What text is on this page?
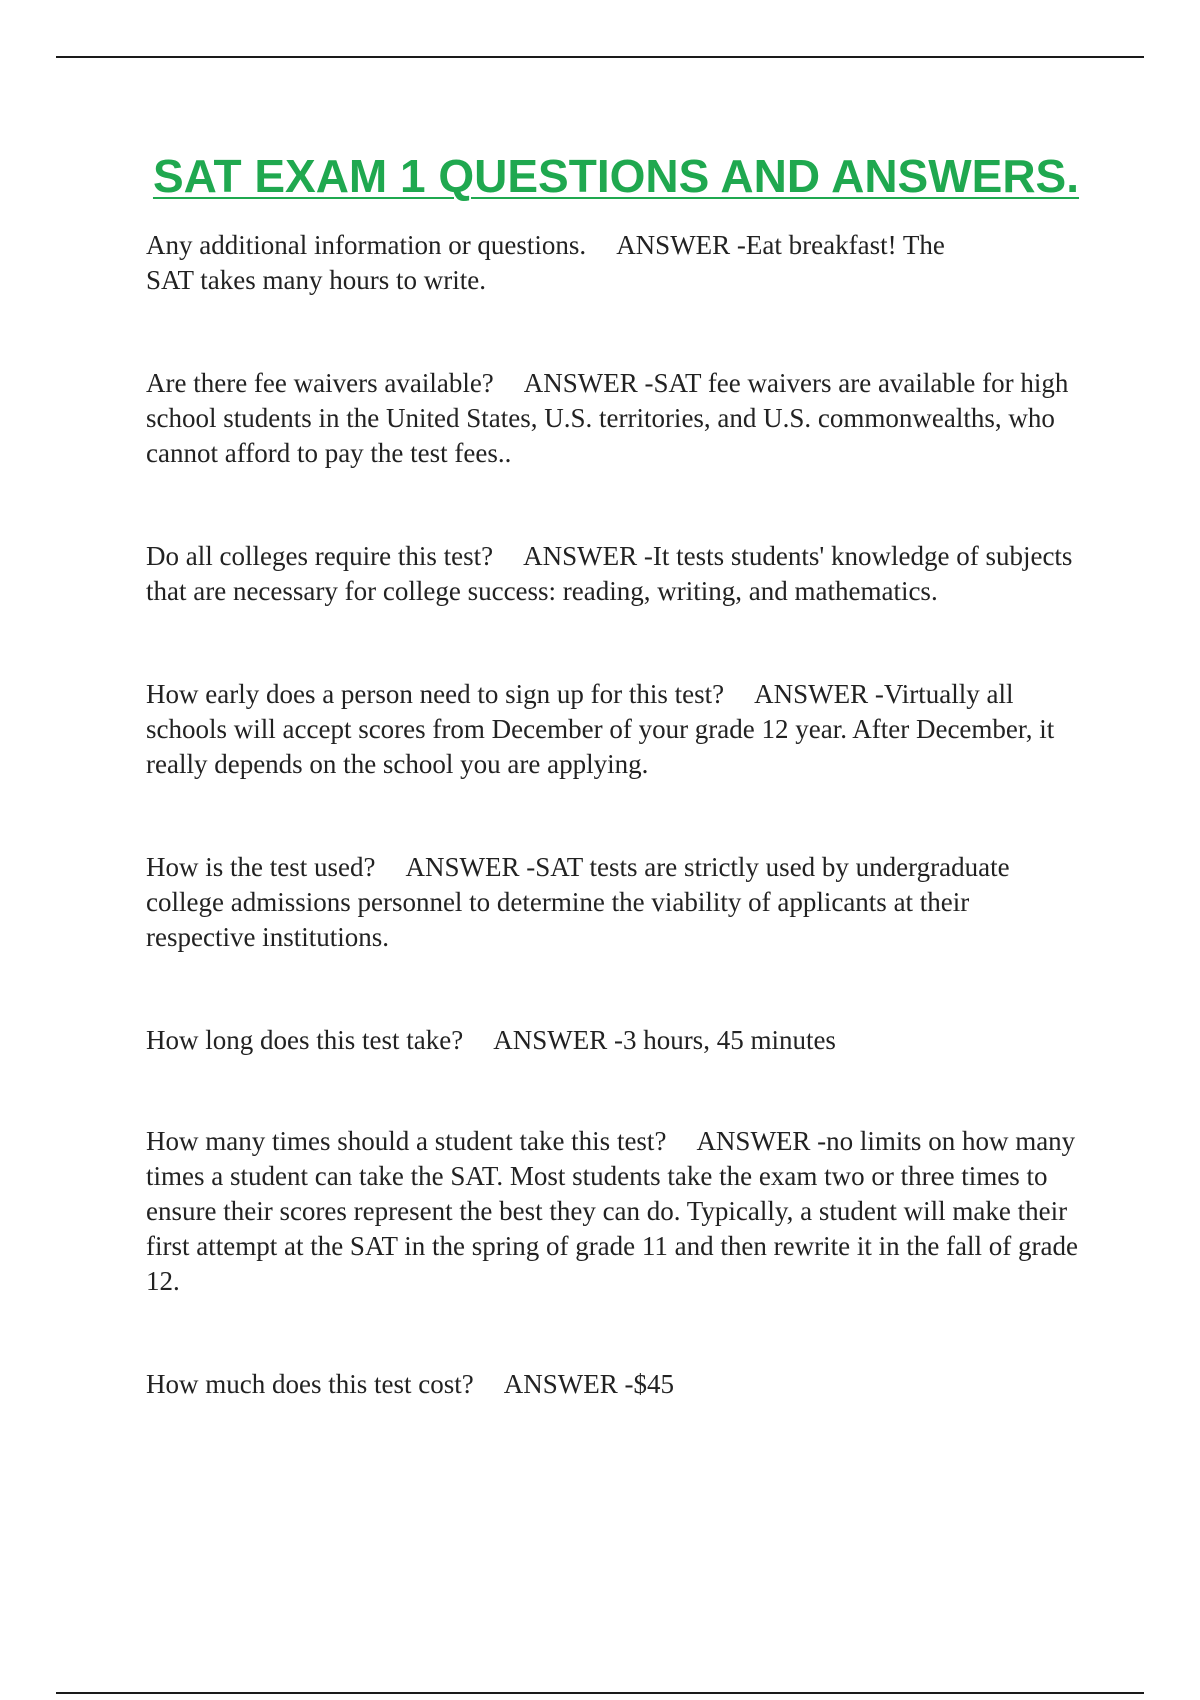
SAT EXAM 1 QUESTIONS AND ANSWERS.

Any additional information or questions. ANSWER -Eat breakfast! The SAT takes many hours to write.

Are there fee waivers available? ANSWER -SAT fee waivers are available for high school students in the United States, U.S. territories, and U.S. commonwealths, who cannot afford to pay the test fees..

Do all colleges require this test? ANSWER -It tests students' knowledge of subjects that are necessary for college success: reading, writing, and mathematics.

How early does a person need to sign up for this test? ANSWER -Virtually all schools will accept scores from December of your grade 12 year. After December, it really depends on the school you are applying.

How is the test used? ANSWER -SAT tests are strictly used by undergraduate college admissions personnel to determine the viability of applicants at their respective institutions.

How long does this test take? ANSWER -3 hours, 45 minutes

How many times should a student take this test? ANSWER -no limits on how many times a student can take the SAT. Most students take the exam two or three times to ensure their scores represent the best they can do. Typically, a student will make their first attempt at the SAT in the spring of grade 11 and then rewrite it in the fall of grade 12.

How much does this test cost? ANSWER -$45
